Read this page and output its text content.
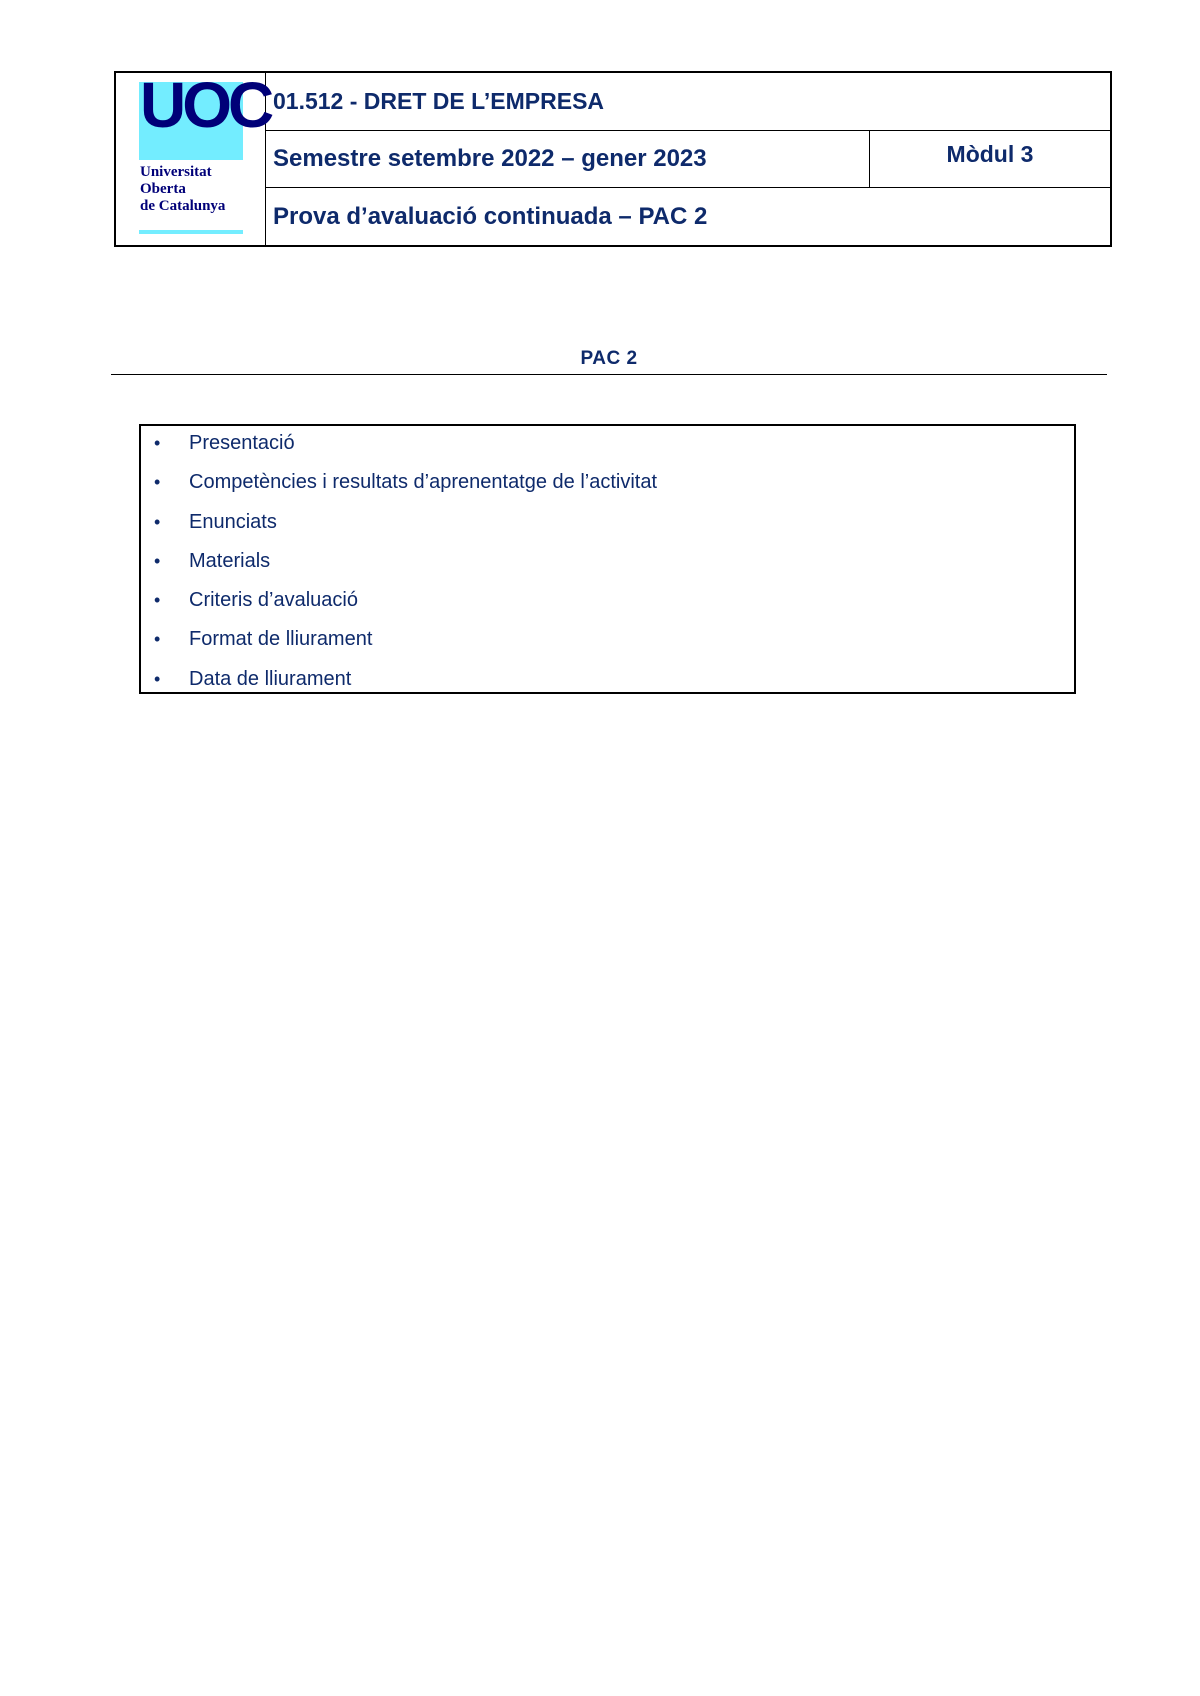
UOC
Universitat
Oberta
de Catalunya
01.512 - DRET DE L’EMPRESA
Semestre setembre 2022 – gener 2023	Mòdul 3
Prova d’avaluació continuada – PAC 2
PAC 2
• Presentació
• Competències i resultats d’aprenentatge de l’activitat
• Enunciats
• Materials
• Criteris d’avaluació
• Format de lliurament
• Data de lliurament
